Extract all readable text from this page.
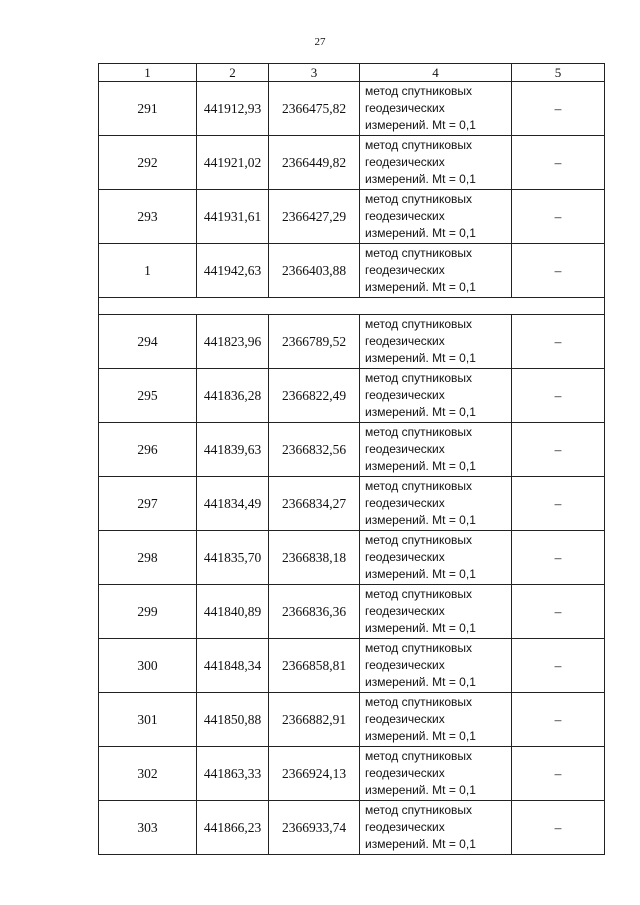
27
1	2	3	4	5
291	441912,93	2366475,82	метод спутниковых
геодезических
измерений. Mt = 0,1	–
292	441921,02	2366449,82	метод спутниковых
геодезических
измерений. Mt = 0,1	–
293	441931,61	2366427,29	метод спутниковых
геодезических
измерений. Mt = 0,1	–
1	441942,63	2366403,88	метод спутниковых
геодезических
измерений. Mt = 0,1	–

294	441823,96	2366789,52	метод спутниковых
геодезических
измерений. Mt = 0,1	–
295	441836,28	2366822,49	метод спутниковых
геодезических
измерений. Mt = 0,1	–
296	441839,63	2366832,56	метод спутниковых
геодезических
измерений. Mt = 0,1	–
297	441834,49	2366834,27	метод спутниковых
геодезических
измерений. Mt = 0,1	–
298	441835,70	2366838,18	метод спутниковых
геодезических
измерений. Mt = 0,1	–
299	441840,89	2366836,36	метод спутниковых
геодезических
измерений. Mt = 0,1	–
300	441848,34	2366858,81	метод спутниковых
геодезических
измерений. Mt = 0,1	–
301	441850,88	2366882,91	метод спутниковых
геодезических
измерений. Mt = 0,1	–
302	441863,33	2366924,13	метод спутниковых
геодезических
измерений. Mt = 0,1	–
303	441866,23	2366933,74	метод спутниковых
геодезических
измерений. Mt = 0,1	–
